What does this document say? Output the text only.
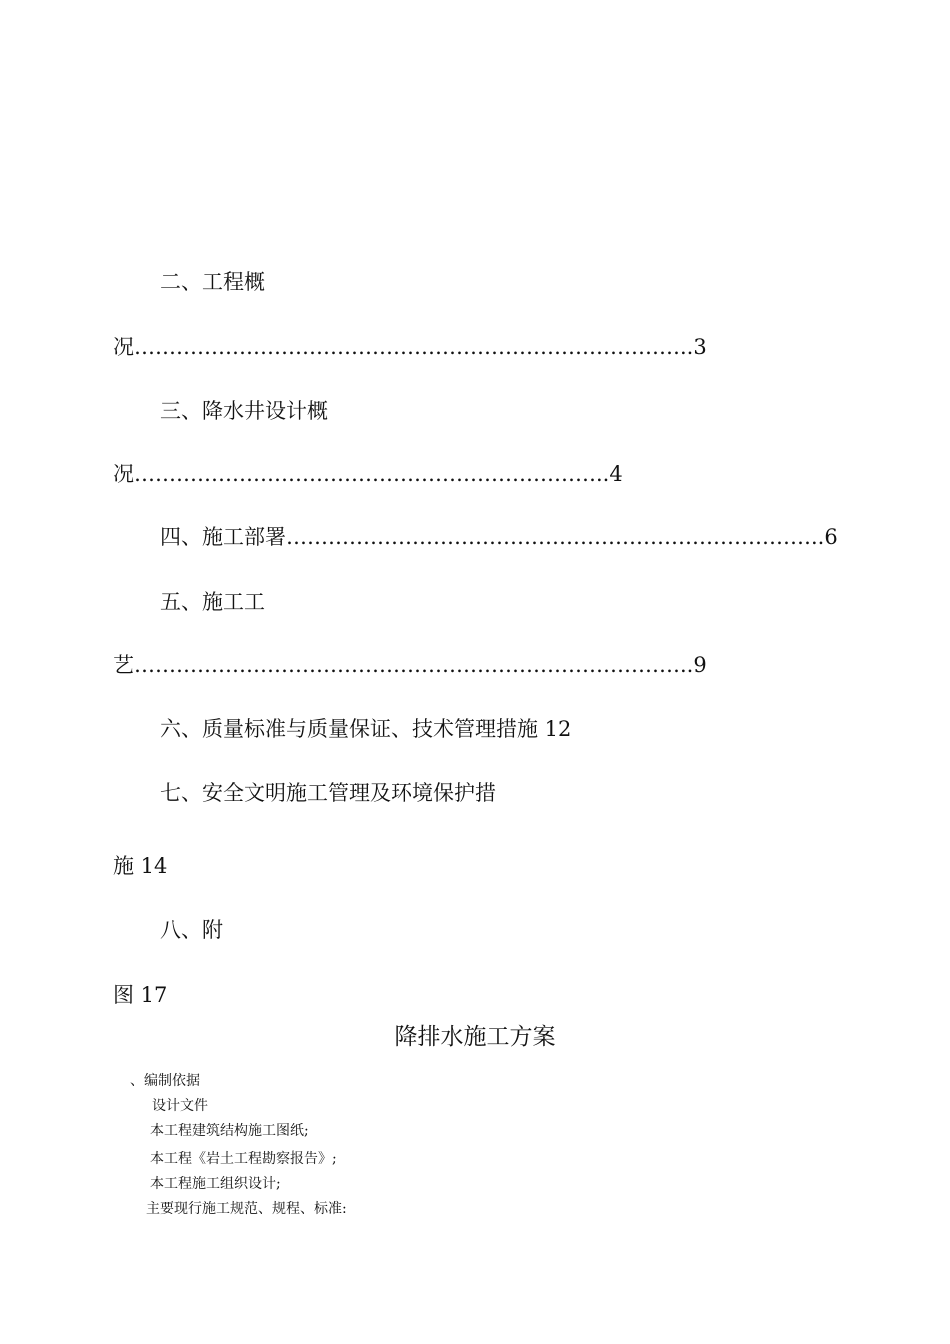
二、工程概
况……………………………………………………………………..3
三、降水井设计概
况…………………………………………………………..4
四、施工部署…………………………………………………………………..6
五、施工工
艺……………………………………………………………………..9
六、质量标准与质量保证、技术管理措施 12
七、安全文明施工管理及环境保护措
施 14
八、附
图 17
降排水施工方案
、编制依据
设计文件
本工程建筑结构施工图纸;
本工程《岩土工程勘察报告》;
本工程施工组织设计;
主要现行施工规范、规程、标准:
